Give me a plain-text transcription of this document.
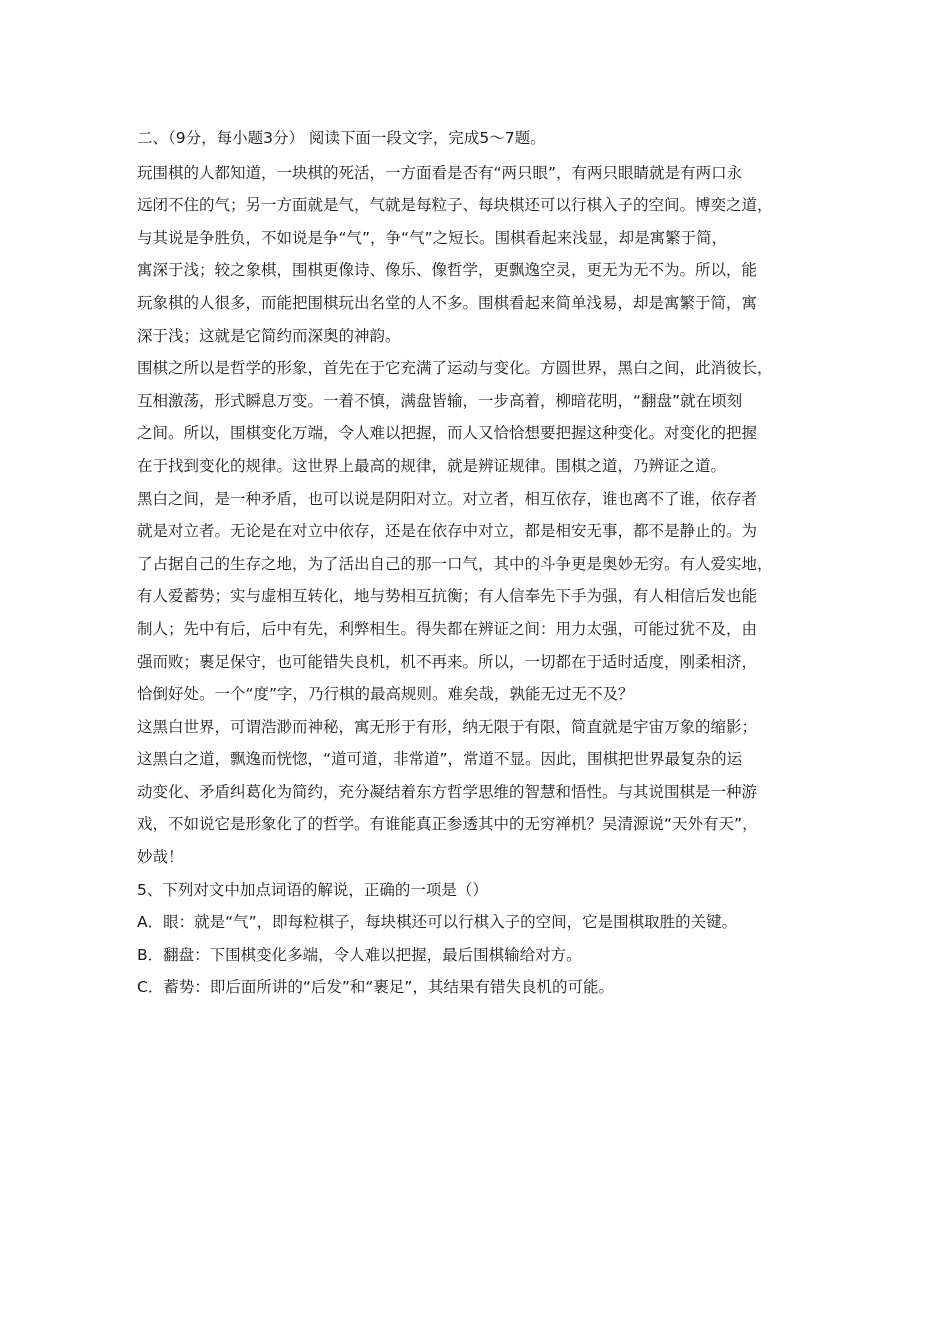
二、（9分，每小题3分） 阅读下面一段文字，完成5～7题。
玩围棋的人都知道，一块棋的死活，一方面看是否有“两只眼”，有两只眼睛就是有两口永
远闭不住的气；另一方面就是气，气就是每粒子、每块棋还可以行棋入子的空间。博奕之道，
与其说是争胜负，不如说是争“气”，争“气”之短长。围棋看起来浅显，却是寓繁于简，
寓深于浅；较之象棋，围棋更像诗、像乐、像哲学，更飘逸空灵，更无为无不为。所以，能
玩象棋的人很多，而能把围棋玩出名堂的人不多。围棋看起来简单浅易，却是寓繁于简，寓
深于浅；这就是它简约而深奥的神韵。
围棋之所以是哲学的形象，首先在于它充满了运动与变化。方圆世界，黑白之间，此消彼长，
互相激荡，形式瞬息万变。一着不慎，满盘皆输，一步高着，柳暗花明，“翻盘”就在顷刻
之间。所以，围棋变化万端，令人难以把握，而人又恰恰想要把握这种变化。对变化的把握
在于找到变化的规律。这世界上最高的规律，就是辨证规律。围棋之道，乃辨证之道。
黑白之间，是一种矛盾，也可以说是阴阳对立。对立者，相互依存，谁也离不了谁，依存者
就是对立者。无论是在对立中依存，还是在依存中对立，都是相安无事，都不是静止的。为
了占据自己的生存之地，为了活出自己的那一口气，其中的斗争更是奥妙无穷。有人爱实地，
有人爱蓄势；实与虚相互转化，地与势相互抗衡；有人信奉先下手为强，有人相信后发也能
制人；先中有后，后中有先，利弊相生。得失都在辨证之间：用力太强，可能过犹不及，由
强而败；裹足保守，也可能错失良机，机不再来。所以，一切都在于适时适度，刚柔相济，
恰倒好处。一个“度”字，乃行棋的最高规则。难矣哉，孰能无过无不及？
这黑白世界，可谓浩渺而神秘，寓无形于有形，纳无限于有限，简直就是宇宙万象的缩影；
这黑白之道，飘逸而恍惚，“道可道，非常道”，常道不显。因此，围棋把世界最复杂的运
动变化、矛盾纠葛化为简约，充分凝结着东方哲学思维的智慧和悟性。与其说围棋是一种游
戏，不如说它是形象化了的哲学。有谁能真正参透其中的无穷禅机？吴清源说“天外有天”，
妙哉！
5、下列对文中加点词语的解说，正确的一项是（）
A．眼：就是“气”，即每粒棋子，每块棋还可以行棋入子的空间，它是围棋取胜的关键。
B．翻盘：下围棋变化多端，令人难以把握，最后围棋输给对方。
C．蓄势：即后面所讲的“后发”和“裹足”，其结果有错失良机的可能。
